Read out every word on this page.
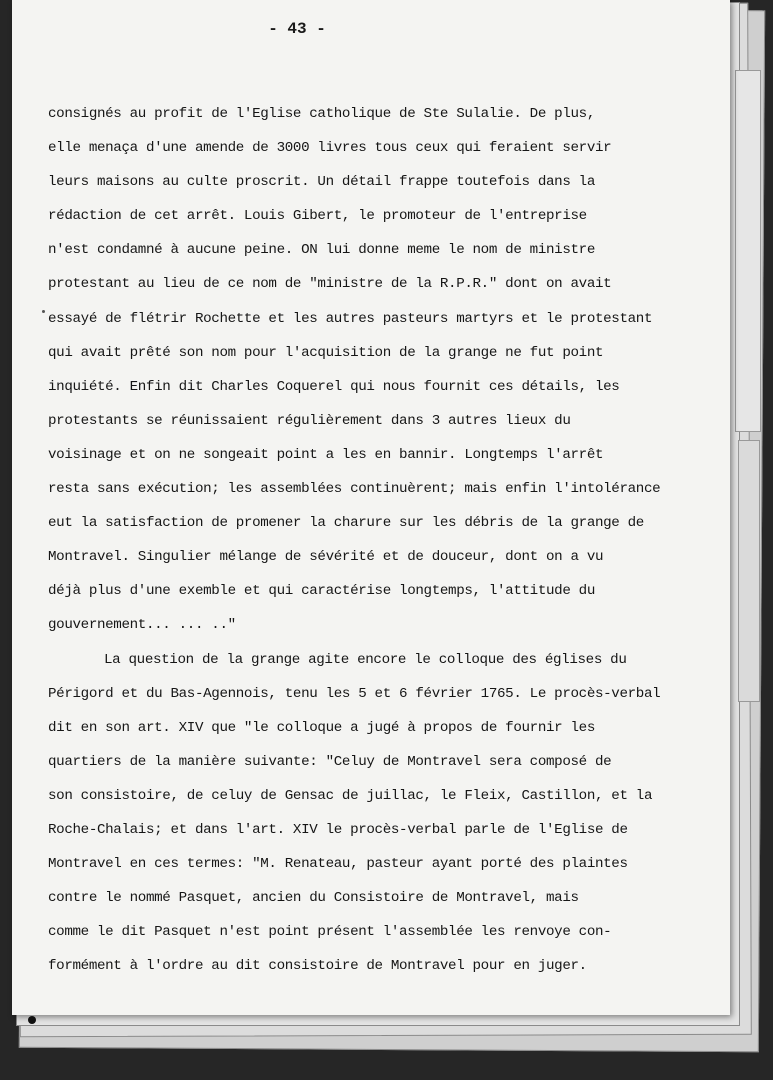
- 43 -
consignés au profit de l'Eglise catholique de Ste Sulalie. De plus,
elle menaça d'une amende de 3000 livres tous ceux qui feraient servir
leurs maisons au culte proscrit. Un détail frappe toutefois dans la
rédaction de cet arrêt. Louis Gibert, le promoteur de l'entreprise
n'est condamné à aucune peine. ON lui donne meme le nom de ministre
protestant au lieu de ce nom de "ministre de la R.P.R." dont on avait
essayé de flétrir Rochette et les autres pasteurs martyrs et le protestant
qui avait prêté son nom pour l'acquisition de la grange ne fut point
inquiété. Enfin dit Charles Coquerel qui nous fournit ces détails, les
protestants se réunissaient régulièrement dans 3 autres lieux du
voisinage et on ne songeait point a les en bannir. Longtemps l'arrêt
resta sans exécution; les assemblées continuèrent; mais enfin l'intolérance
eut la satisfaction de promener la charure sur les débris de la grange de
Montravel. Singulier mélange de sévérité et de douceur, dont on a vu
déjà plus d'une exemble et qui caractérise longtemps, l'attitude du
gouvernement... ... .."
La question de la grange agite encore le colloque des églises du
Périgord et du Bas-Agennois, tenu les 5 et 6 février 1765. Le procès-verbal
dit en son art. XIV que "le colloque a jugé à propos de fournir les
quartiers de la manière suivante: "Celuy de Montravel sera composé de
son consistoire, de celuy de Gensac de juillac, le Fleix, Castillon, et la
Roche-Chalais; et dans l'art. XIV le procès-verbal parle de l'Eglise de
Montravel en ces termes: "M. Renateau, pasteur ayant porté des plaintes
contre le nommé Pasquet, ancien du Consistoire de Montravel, mais
comme le dit Pasquet n'est point présent l'assemblée les renvoye con-
formément à l'ordre au dit consistoire de Montravel pour en juger.
